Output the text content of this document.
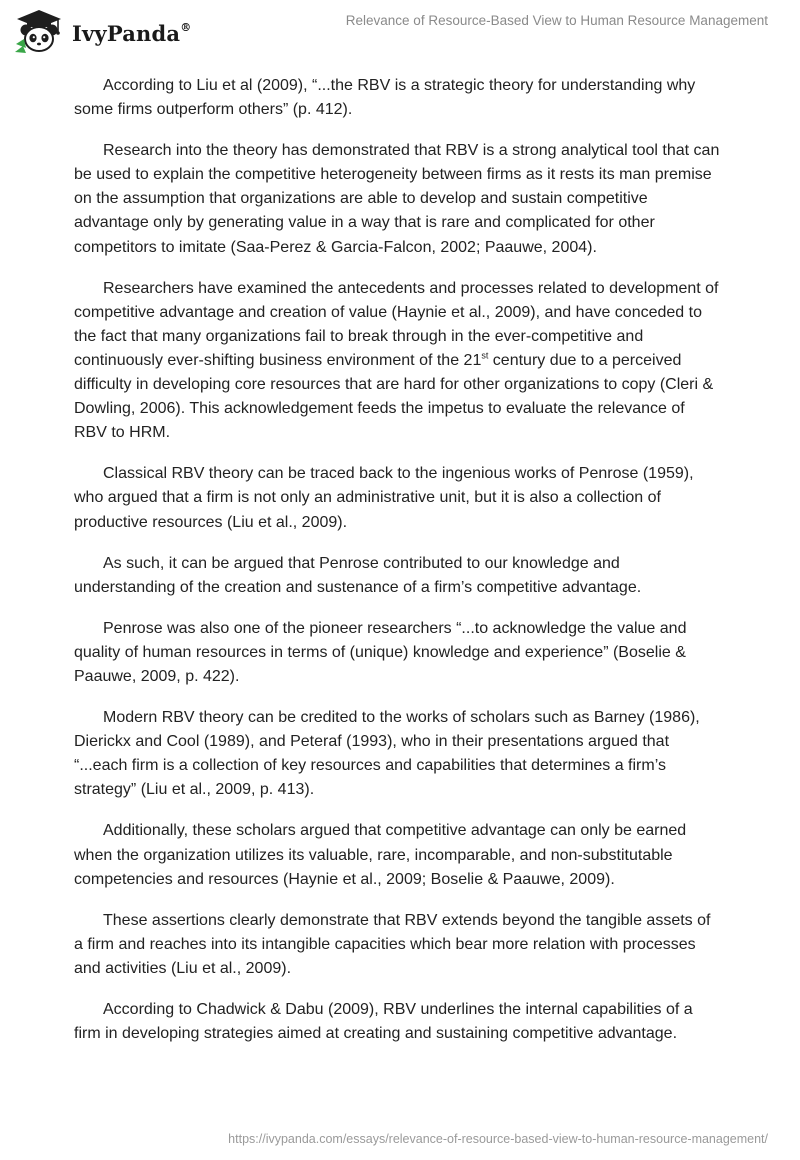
IvyPanda®	Relevance of Resource-Based View to Human Resource Management

According to Liu et al (2009), “...the RBV is a strategic theory for understanding why some firms outperform others” (p. 412).

Research into the theory has demonstrated that RBV is a strong analytical tool that can be used to explain the competitive heterogeneity between firms as it rests its man premise on the assumption that organizations are able to develop and sustain competitive advantage only by generating value in a way that is rare and complicated for other competitors to imitate (Saa-Perez & Garcia-Falcon, 2002; Paauwe, 2004).

Researchers have examined the antecedents and processes related to development of competitive advantage and creation of value (Haynie et al., 2009), and have conceded to the fact that many organizations fail to break through in the ever-competitive and continuously ever-shifting business environment of the 21st century due to a perceived difficulty in developing core resources that are hard for other organizations to copy (Cleri & Dowling, 2006). This acknowledgement feeds the impetus to evaluate the relevance of RBV to HRM.

Classical RBV theory can be traced back to the ingenious works of Penrose (1959), who argued that a firm is not only an administrative unit, but it is also a collection of productive resources (Liu et al., 2009).

As such, it can be argued that Penrose contributed to our knowledge and understanding of the creation and sustenance of a firm’s competitive advantage.

Penrose was also one of the pioneer researchers “...to acknowledge the value and quality of human resources in terms of (unique) knowledge and experience” (Boselie & Paauwe, 2009, p. 422).

Modern RBV theory can be credited to the works of scholars such as Barney (1986), Dierickx and Cool (1989), and Peteraf (1993), who in their presentations argued that “...each firm is a collection of key resources and capabilities that determines a firm’s strategy” (Liu et al., 2009, p. 413).

Additionally, these scholars argued that competitive advantage can only be earned when the organization utilizes its valuable, rare, incomparable, and non-substitutable competencies and resources (Haynie et al., 2009; Boselie & Paauwe, 2009).

These assertions clearly demonstrate that RBV extends beyond the tangible assets of a firm and reaches into its intangible capacities which bear more relation with processes and activities (Liu et al., 2009).

According to Chadwick & Dabu (2009), RBV underlines the internal capabilities of a firm in developing strategies aimed at creating and sustaining competitive advantage.

https://ivypanda.com/essays/relevance-of-resource-based-view-to-human-resource-management/
